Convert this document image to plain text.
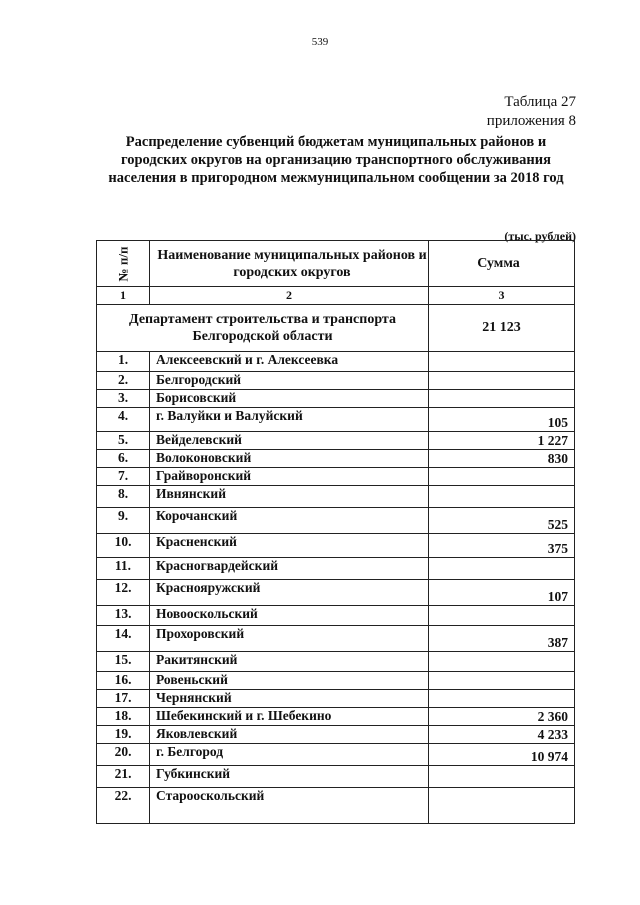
539
Таблица 27
приложения 8
Распределение субвенций бюджетам муниципальных районов и городских округов на организацию транспортного обслуживания населения в пригородном межмуниципальном сообщении за 2018 год
(тыс. рублей)
№ п/п	Наименование муниципальных районов и городских округов	Сумма
1	2	3
Департамент строительства и транспорта Белгородской области		21 123
1.	Алексеевский и г. Алексеевка	
2.	Белгородский	
3.	Борисовский	
4.	г. Валуйки и Валуйский	105
5.	Вейделевский	1 227
6.	Волоконовский	830
7.	Грайворонский	
8.	Ивнянский	
9.	Корочанский	525
10.	Красненский	375
11.	Красногвардейский	
12.	Краснояружский	107
13.	Новооскольский	
14.	Прохоровский	387
15.	Ракитянский	
16.	Ровеньский	
17.	Чернянский	
18.	Шебекинский и г. Шебекино	2 360
19.	Яковлевский	4 233
20.	г. Белгород	10 974
21.	Губкинский	
22.	Старооскольский	
